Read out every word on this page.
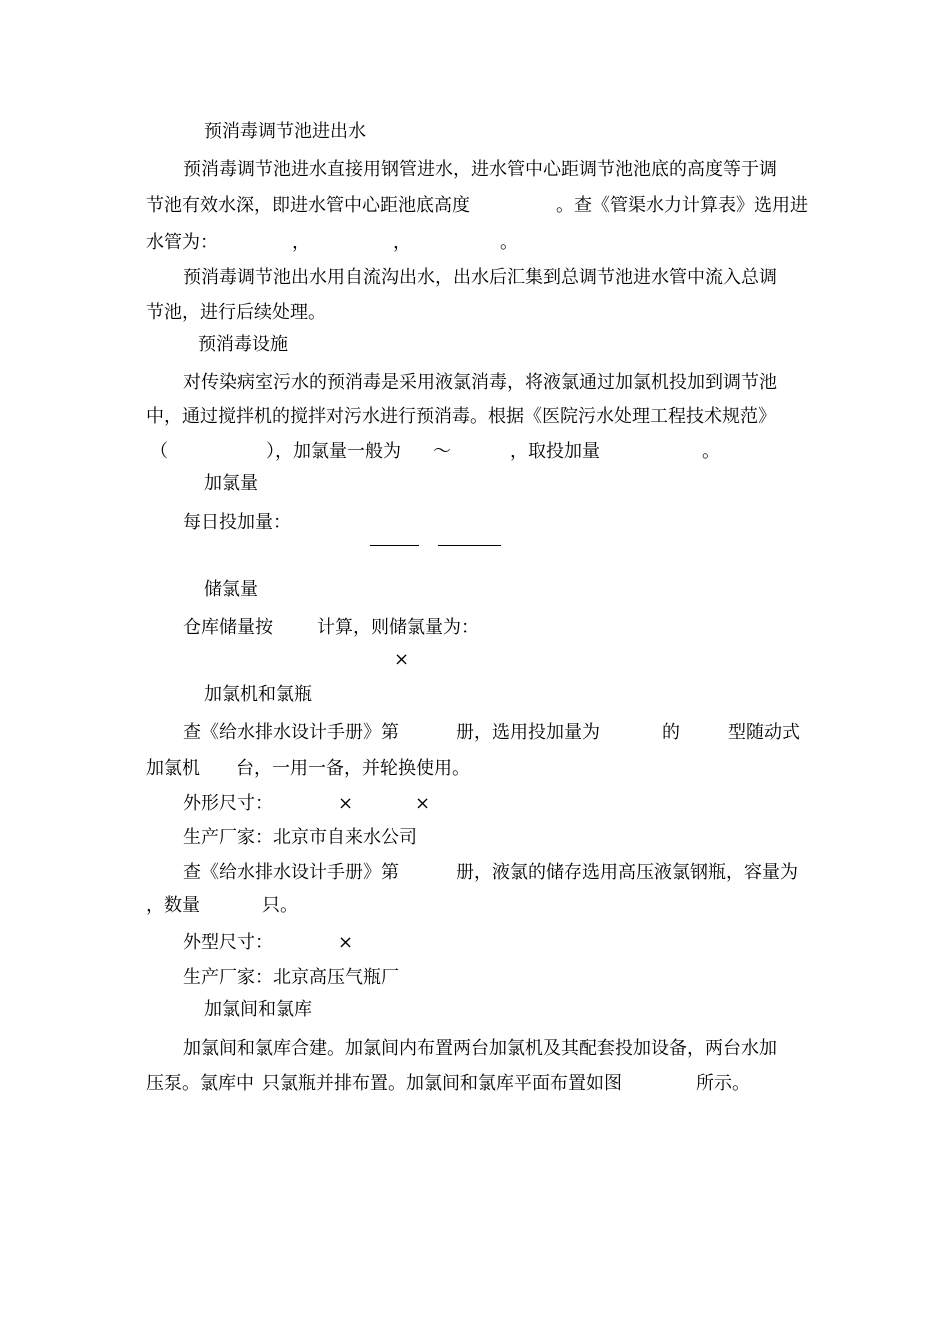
预消毒调节池进出水
预消毒调节池进水直接用钢管进水，进水管中心距调节池池底的高度等于调
节池有效水深，即进水管中心距池底高度	。查《管渠水力计算表》选用进
水管为：	，	，	。
预消毒调节池出水用自流沟出水，出水后汇集到总调节池进水管中流入总调
节池，进行后续处理。
预消毒设施
对传染病室污水的预消毒是采用液氯消毒，将液氯通过加氯机投加到调节池
中，通过搅拌机的搅拌对污水进行预消毒。根据《医院污水处理工程技术规范》
（	），加氯量一般为 ～	，取投加量	。
加氯量
每日投加量：
储氯量
仓库储量按 计算，则储氯量为：
×
加氯机和氯瓶
查《给水排水设计手册》第	册，选用投加量为	的	型随动式
加氯机 台，一用一备，并轮换使用。
外形尺寸：	×	×
生产厂家：北京市自来水公司
查《给水排水设计手册》第	册，液氯的储存选用高压液氯钢瓶，容量为
，数量	只。
外型尺寸：	×
生产厂家：北京高压气瓶厂
加氯间和氯库
加氯间和氯库合建。加氯间内布置两台加氯机及其配套投加设备，两台水加
压泵。氯库中 只氯瓶并排布置。加氯间和氯库平面布置如图	所示。
